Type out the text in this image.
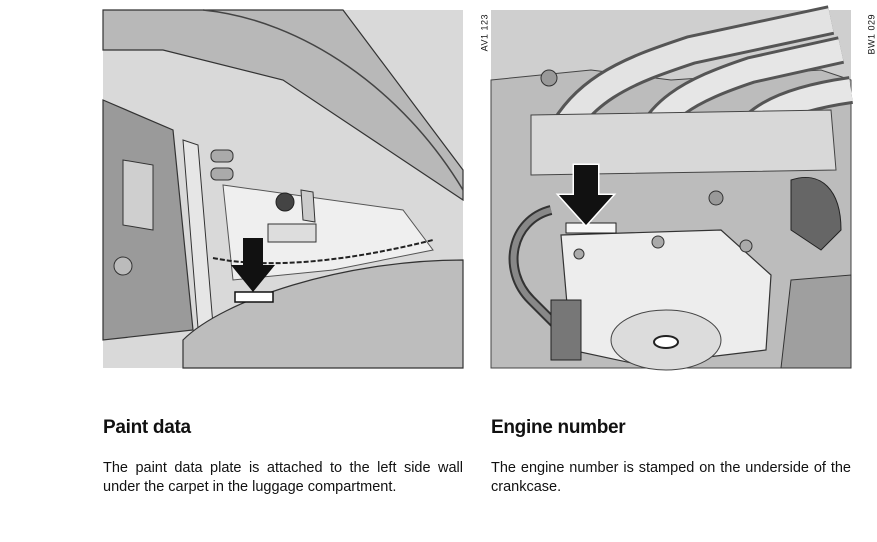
AV1 123
Paint data
The paint data plate is attached to the left side wall under the carpet in the luggage compartment.
BW1 029
Engine number
The engine number is stamped on the underside of the crankcase.
